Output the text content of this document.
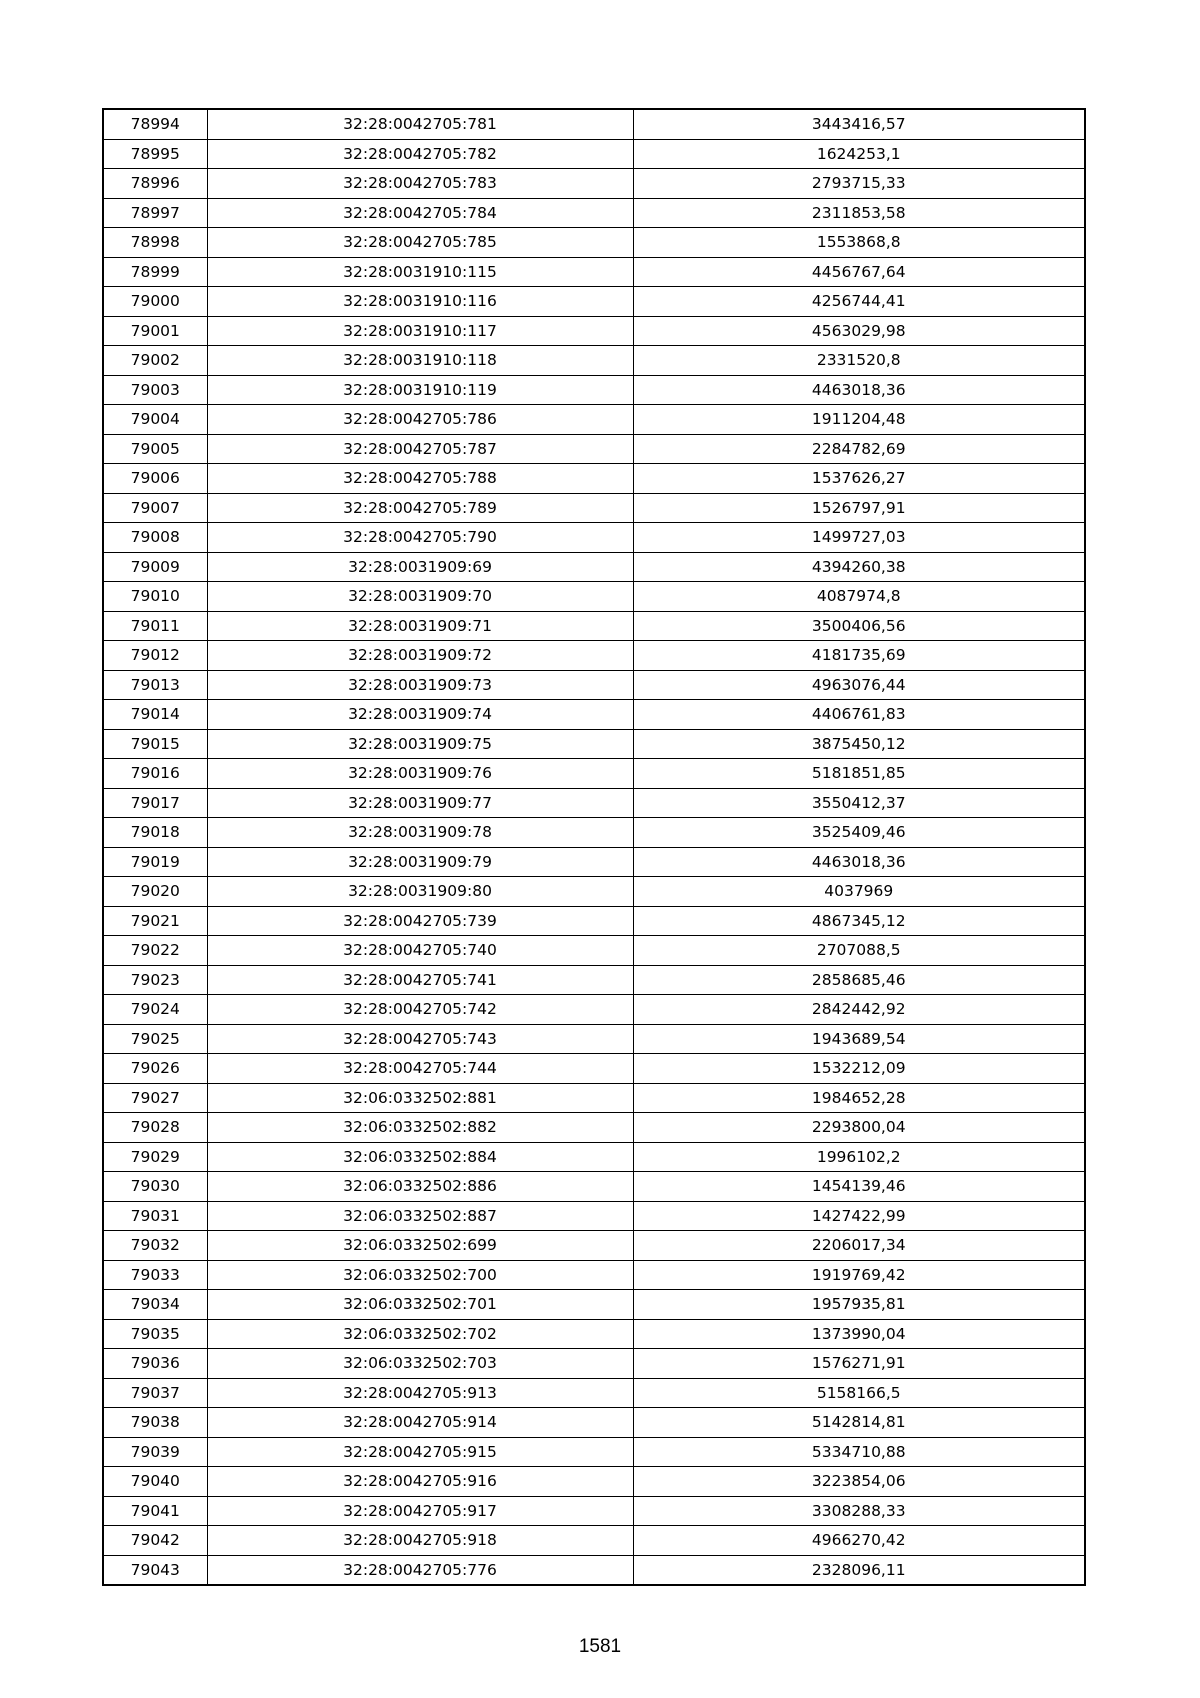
78994	32:28:0042705:781	3443416,57
78995	32:28:0042705:782	1624253,1
78996	32:28:0042705:783	2793715,33
78997	32:28:0042705:784	2311853,58
78998	32:28:0042705:785	1553868,8
78999	32:28:0031910:115	4456767,64
79000	32:28:0031910:116	4256744,41
79001	32:28:0031910:117	4563029,98
79002	32:28:0031910:118	2331520,8
79003	32:28:0031910:119	4463018,36
79004	32:28:0042705:786	1911204,48
79005	32:28:0042705:787	2284782,69
79006	32:28:0042705:788	1537626,27
79007	32:28:0042705:789	1526797,91
79008	32:28:0042705:790	1499727,03
79009	32:28:0031909:69	4394260,38
79010	32:28:0031909:70	4087974,8
79011	32:28:0031909:71	3500406,56
79012	32:28:0031909:72	4181735,69
79013	32:28:0031909:73	4963076,44
79014	32:28:0031909:74	4406761,83
79015	32:28:0031909:75	3875450,12
79016	32:28:0031909:76	5181851,85
79017	32:28:0031909:77	3550412,37
79018	32:28:0031909:78	3525409,46
79019	32:28:0031909:79	4463018,36
79020	32:28:0031909:80	4037969
79021	32:28:0042705:739	4867345,12
79022	32:28:0042705:740	2707088,5
79023	32:28:0042705:741	2858685,46
79024	32:28:0042705:742	2842442,92
79025	32:28:0042705:743	1943689,54
79026	32:28:0042705:744	1532212,09
79027	32:06:0332502:881	1984652,28
79028	32:06:0332502:882	2293800,04
79029	32:06:0332502:884	1996102,2
79030	32:06:0332502:886	1454139,46
79031	32:06:0332502:887	1427422,99
79032	32:06:0332502:699	2206017,34
79033	32:06:0332502:700	1919769,42
79034	32:06:0332502:701	1957935,81
79035	32:06:0332502:702	1373990,04
79036	32:06:0332502:703	1576271,91
79037	32:28:0042705:913	5158166,5
79038	32:28:0042705:914	5142814,81
79039	32:28:0042705:915	5334710,88
79040	32:28:0042705:916	3223854,06
79041	32:28:0042705:917	3308288,33
79042	32:28:0042705:918	4966270,42
79043	32:28:0042705:776	2328096,11
1581
